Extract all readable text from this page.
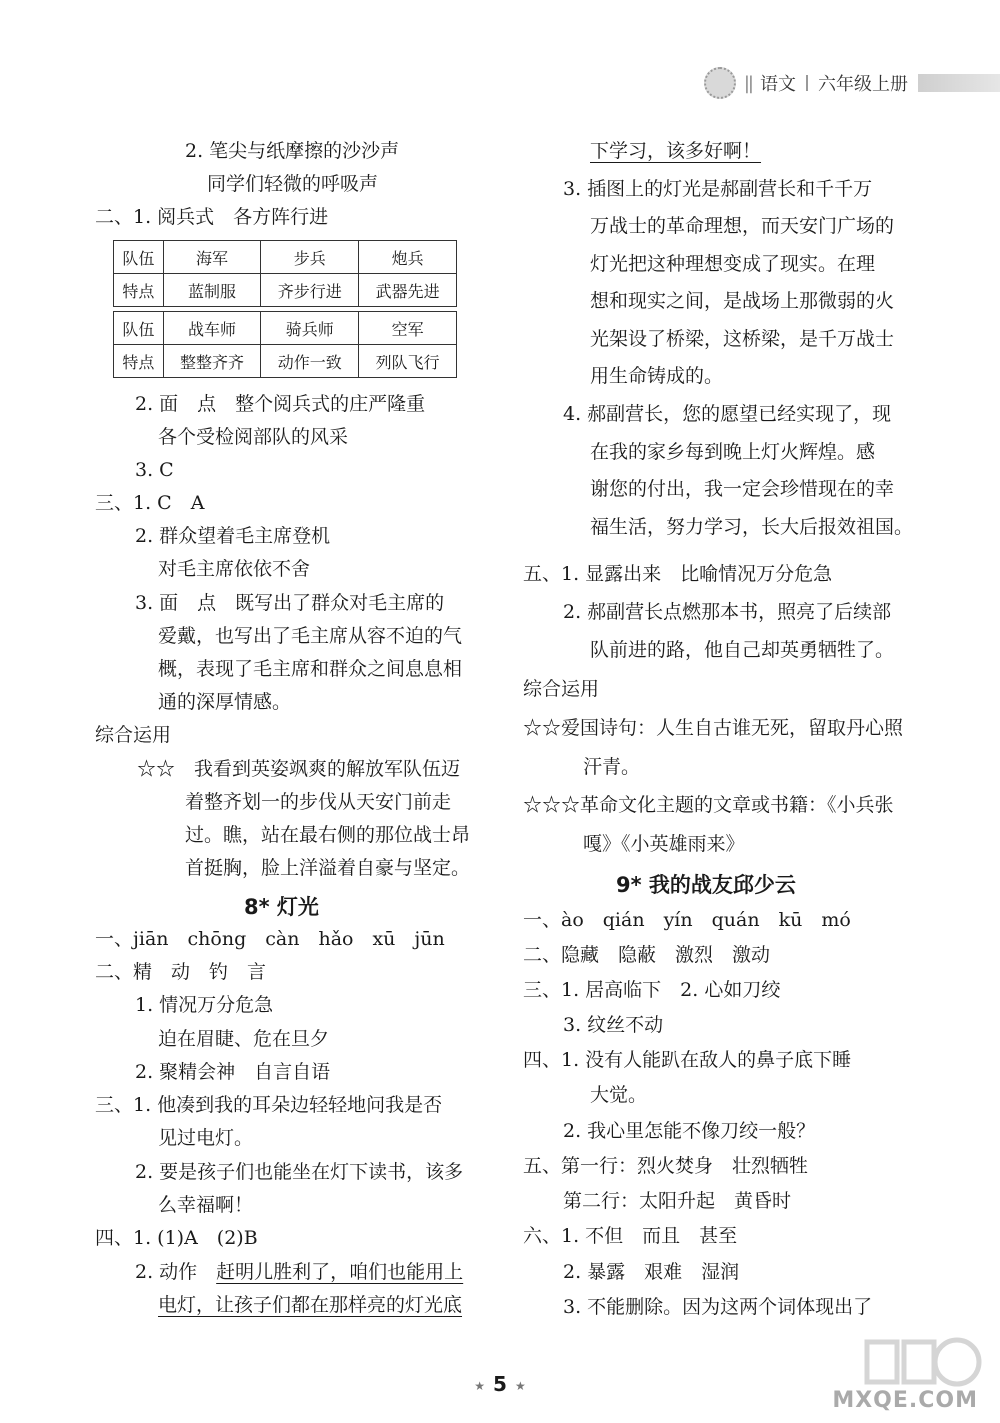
|| 语文 六年级上册
2. 笔尖与纸摩擦的沙沙声
同学们轻微的呼吸声
二、1. 阅兵式　各方阵行进
队伍	海军	步兵	炮兵
特点	蓝制服	齐步行进	武器先进

队伍	战车师	骑兵师	空军
特点	整整齐齐	动作一致	列队飞行
2. 面　点　整个阅兵式的庄严隆重
各个受检阅部队的风采
3. C
三、1. C　A
2. 群众望着毛主席登机
对毛主席依依不舍
3. 面　点　既写出了群众对毛主席的
爱戴，也写出了毛主席从容不迫的气
概，表现了毛主席和群众之间息息相
通的深厚情感。
综合运用
☆☆　我看到英姿飒爽的解放军队伍迈
着整齐划一的步伐从天安门前走
过。瞧，站在最右侧的那位战士昂
首挺胸，脸上洋溢着自豪与坚定。
8* 灯光
一、jiān　chōng　càn　hǎo　xū　jūn
二、精　动　钓　言
1. 情况万分危急
迫在眉睫、危在旦夕
2. 聚精会神　自言自语
三、1. 他凑到我的耳朵边轻轻地问我是否
见过电灯。
2. 要是孩子们也能坐在灯下读书，该多
么幸福啊！
四、1. (1)A　(2)B
2. 动作　赶明儿胜利了，咱们也能用上
电灯，让孩子们都在那样亮的灯光底
下学习，该多好啊！
3. 插图上的灯光是郝副营长和千千万
万战士的革命理想，而天安门广场的
灯光把这种理想变成了现实。在理
想和现实之间，是战场上那微弱的火
光架设了桥梁，这桥梁，是千万战士
用生命铸成的。
4. 郝副营长，您的愿望已经实现了，现
在我的家乡每到晚上灯火辉煌。感
谢您的付出，我一定会珍惜现在的幸
福生活，努力学习，长大后报效祖国。
五、1. 显露出来　比喻情况万分危急
2. 郝副营长点燃那本书，照亮了后续部
队前进的路，他自己却英勇牺牲了。
综合运用
☆☆爱国诗句：人生自古谁无死，留取丹心照
汗青。
☆☆☆革命文化主题的文章或书籍：《小兵张
嘎》《小英雄雨来》
9* 我的战友邱少云
一、ào　qián　yín　quán　kū　mó
二、隐藏　隐蔽　激烈　激动
三、1. 居高临下　2. 心如刀绞
3. 纹丝不动
四、1. 没有人能趴在敌人的鼻子底下睡
大觉。
2. 我心里怎能不像刀绞一般？
五、第一行：烈火焚身　壮烈牺牲
第二行：太阳升起　黄昏时
六、1. 不但　而且　甚至
2. 暴露　艰难　湿润
3. 不能删除。因为这两个词体现出了
★ 5 ★
MXQE.COM
